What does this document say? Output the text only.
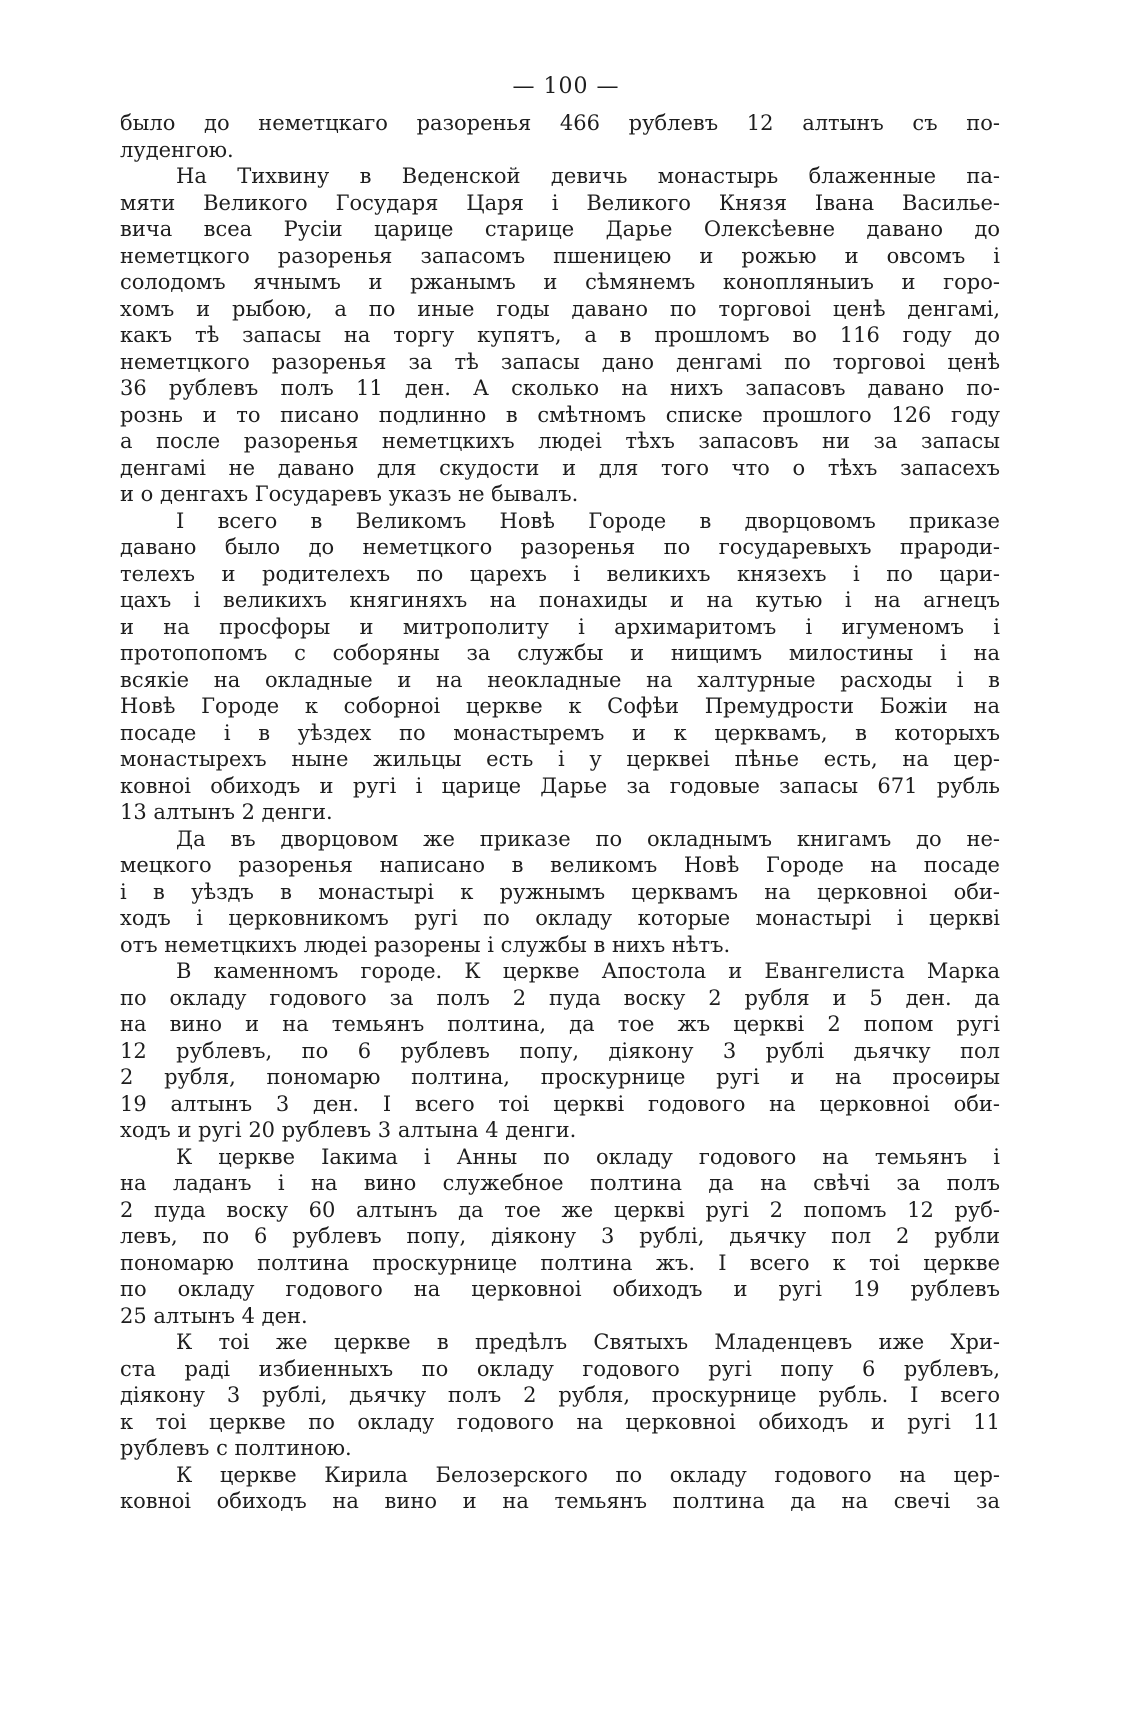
— 100 —
было до неметцкаго разоренья 466 рублевъ 12 алтынъ съ по-
луденгою.
На Тихвину в Веденской девичь монастырь блаженные па-
мяти Великого Государя Царя і Великого Князя Івана Василье-
вича всеа Русіи царице старице Дарье Олексѣевне давано до
неметцкого разоренья запасомъ пшеницею и рожью и овсомъ і
солодомъ ячнымъ и ржанымъ и сѣмянемъ конопляныиъ и горо-
хомъ и рыбою, а по иные годы давано по торговоі ценѣ денгамі,
какъ тѣ запасы на торгу купятъ, а в прошломъ во 116 году до
неметцкого разоренья за тѣ запасы дано денгамі по торговоі ценѣ
36 рублевъ полъ 11 ден. А сколько на нихъ запасовъ давано по-
рознь и то писано подлинно в смѣтномъ списке прошлого 126 году
а после разоренья неметцкихъ людеі тѣхъ запасовъ ни за запасы
денгамі не давано для скудости и для того что о тѣхъ запасехъ
и о денгахъ Государевъ указъ не бывалъ.
І всего в Великомъ Новѣ Городе в дворцовомъ приказе
давано было до неметцкого разоренья по государевыхъ прароди-
телехъ и родителехъ по царехъ і великихъ князехъ і по цари-
цахъ і великихъ княгиняхъ на понахиды и на кутью і на агнецъ
и на просфоры и митрополиту і архимаритомъ і игуменомъ і
протопопомъ с соборяны за службы и нищимъ милостины і на
всякіе на окладные и на неокладные на халтурные расходы і в
Новѣ Городе к соборноі церкве к Софѣи Премудрости Божіи на
посаде і в уѣздех по монастыремъ и к церквамъ, в которыхъ
монастырехъ ныне жильцы есть і у церквеі пѣнье есть, на цер-
ковноі обиходъ и ругі і царице Дарье за годовые запасы 671 рубль
13 алтынъ 2 денги.
Да въ дворцовом же приказе по окладнымъ книгамъ до не-
мецкого разоренья написано в великомъ Новѣ Городе на посаде
і в уѣздъ в монастырі к ружнымъ церквамъ на церковноі оби-
ходъ і церковникомъ ругі по окладу которые монастырі і церкві
отъ неметцкихъ людеі разорены і службы в нихъ нѣтъ.
В каменномъ городе. К церкве Апостола и Евангелиста Марка
по окладу годового за полъ 2 пуда воску 2 рубля и 5 ден. да
на вино и на темьянъ полтина, да тое жъ церквi 2 попом ругі
12 рублевъ, по 6 рублевъ попу, діякону 3 рублі дьячку пол
2 рубля, пономарю полтина, проскурнице ругі и на просѳиры
19 алтынъ 3 ден. І всего тоі церквi годового на церковноі оби-
ходъ и ругі 20 рублевъ 3 алтына 4 денги.
К церкве Іакима і Анны по окладу годового на темьянъ і
на ладанъ і на вино служебное полтина да на свѣчі за полъ
2 пуда воску 60 алтынъ да тое же церквi ругі 2 попомъ 12 руб-
левъ, по 6 рублевъ попу, діякону 3 рублі, дьячку пол 2 рубли
пономарю полтина проскурнице полтина жъ. І всего к тоі церкве
по окладу годового на церковноі обиходъ и ругі 19 рублевъ
25 алтынъ 4 ден.
К тоі же церкве в предѣлъ Святыхъ Младенцевъ иже Хри-
ста раді избиенныхъ по окладу годового ругі попу 6 рублевъ,
діякону 3 рублі, дьячку полъ 2 рубля, проскурнице рубль. І всего
к тоі церкве по окладу годового на церковноі обиходъ и ругі 11
рублевъ с полтиною.
К церкве Кирила Белозерского по окладу годового на цер-
ковноі обиходъ на вино и на темьянъ полтина да на свечі за
